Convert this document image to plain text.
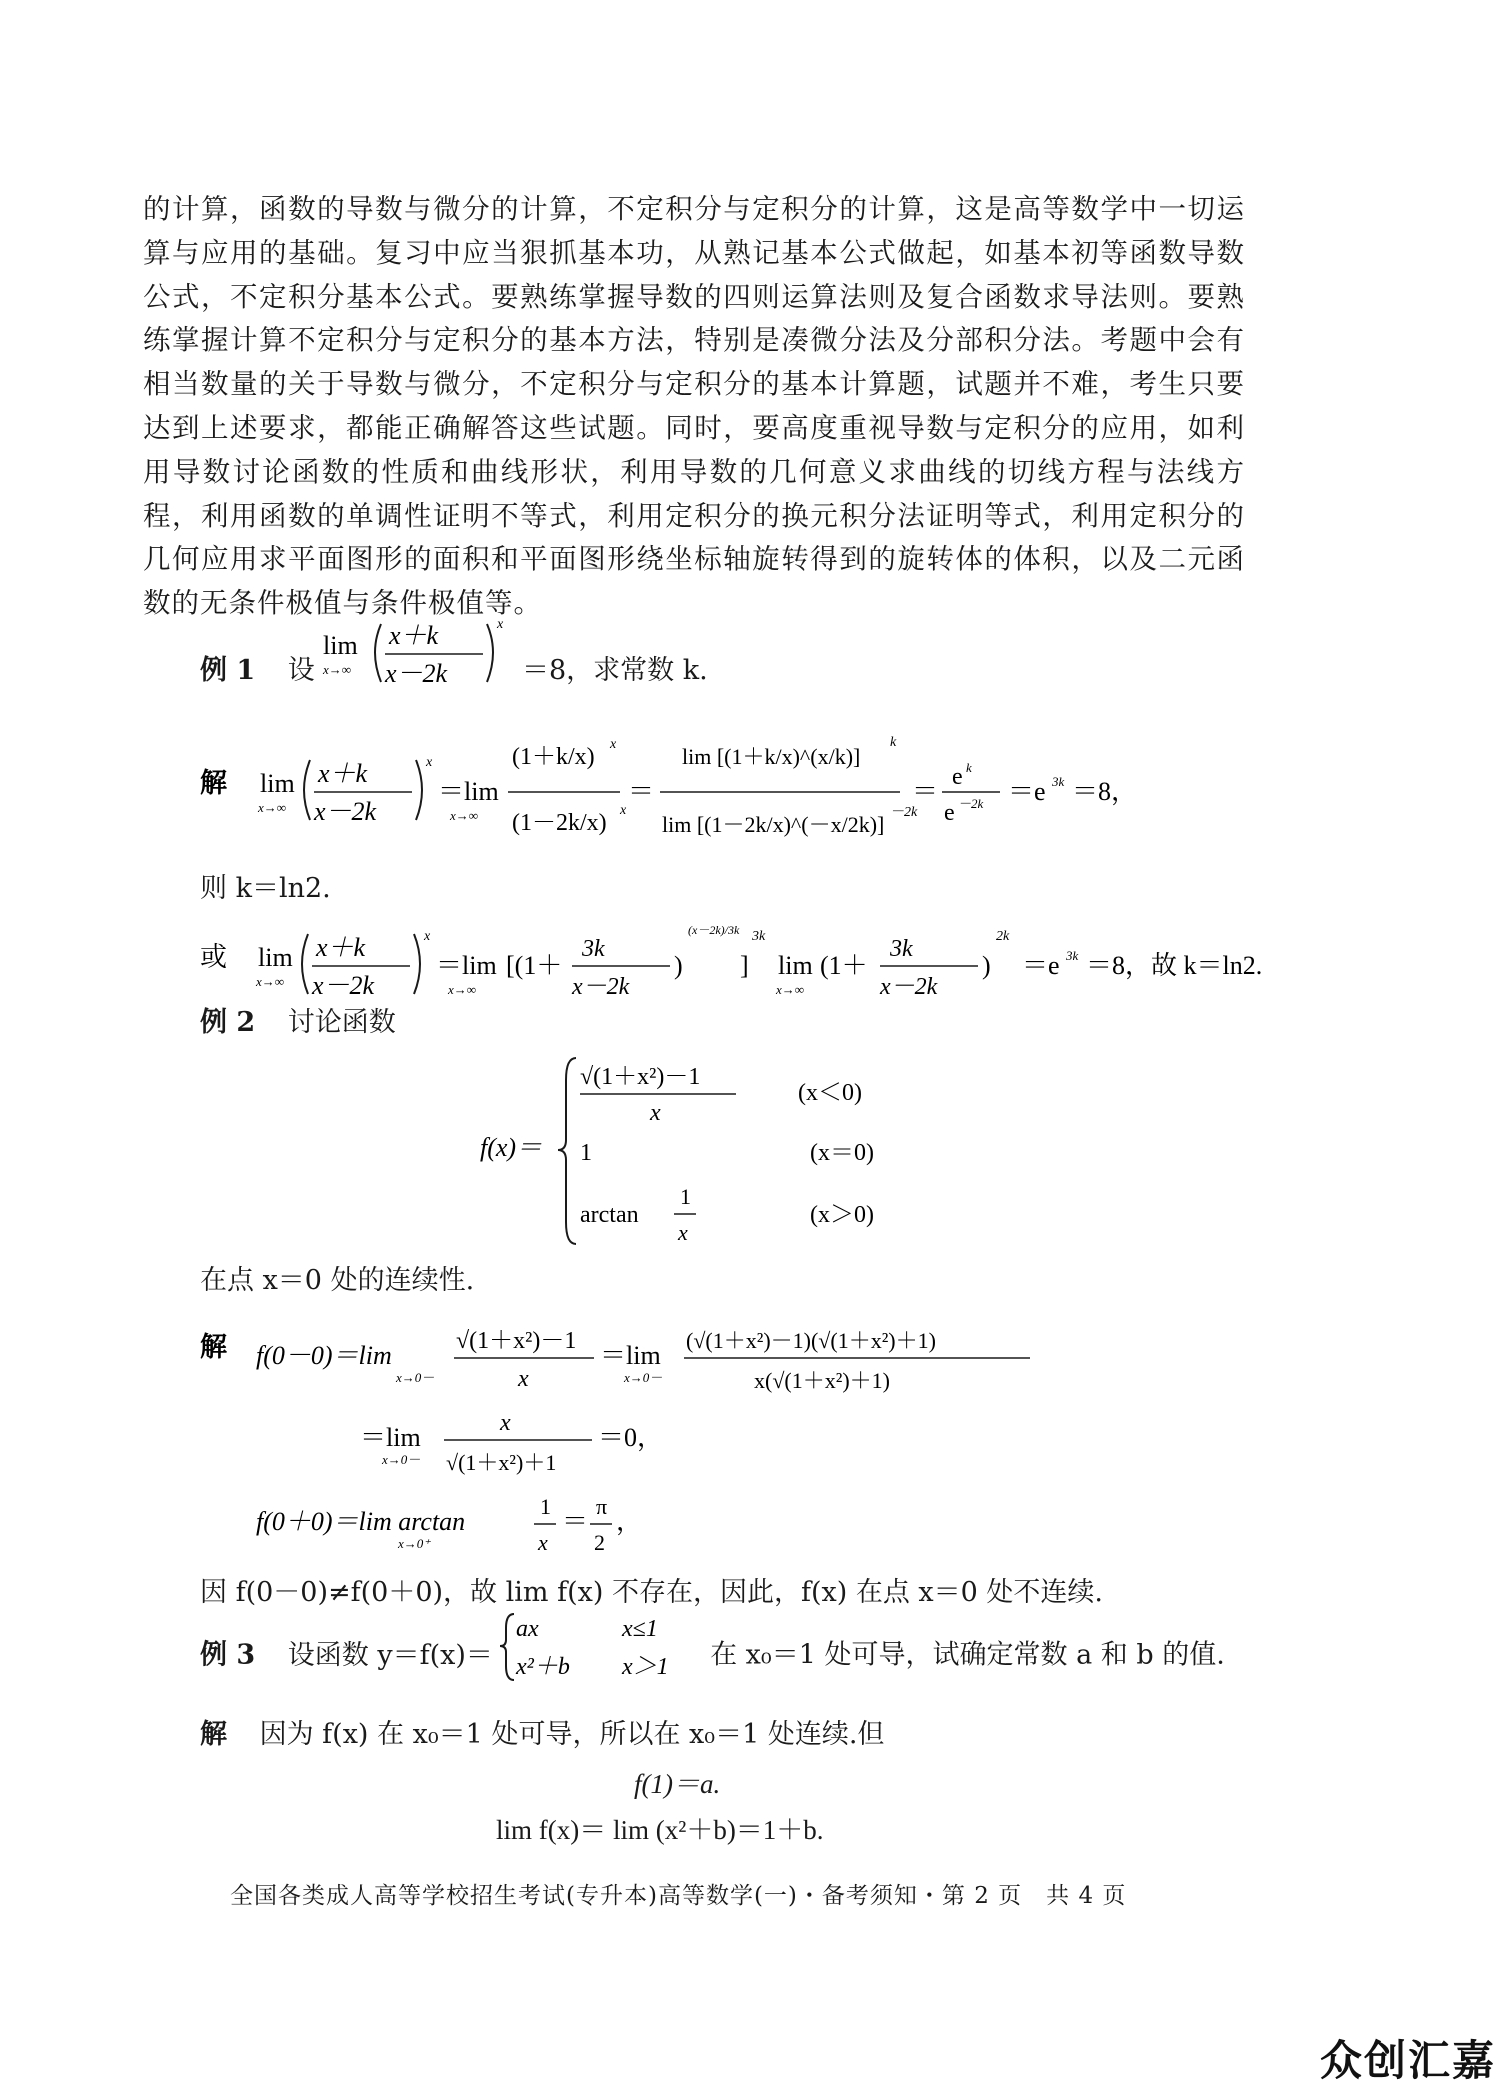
的计算，函数的导数与微分的计算，不定积分与定积分的计算，这是高等数学中一切运算与应用的基础。复习中应当狠抓基本功，从熟记基本公式做起，如基本初等函数导数公式，不定积分基本公式。要熟练掌握导数的四则运算法则及复合函数求导法则。要熟练掌握计算不定积分与定积分的基本方法，特别是凑微分法及分部积分法。考题中会有相当数量的关于导数与微分，不定积分与定积分的基本计算题，试题并不难，考生只要达到上述要求，都能正确解答这些试题。同时，要高度重视导数与定积分的应用，如利用导数讨论函数的性质和曲线形状，利用导数的几何意义求曲线的切线方程与法线方程，利用函数的单调性证明不等式，利用定积分的换元积分法证明等式，利用定积分的几何应用求平面图形的面积和平面图形绕坐标轴旋转得到的旋转体的体积，以及二元函数的无条件极值与条件极值等。
例 1 设
lim
x→∞
x＋k
x－2k
x
＝8，求常数 k.
解 lim
x→∞
x＋k
x－2k
x
＝lim
x→∞
(1＋k/x) x
(1－2k/x) x
＝
lim [(1＋k/x)^(x/k)]
k
lim [(1－2k/x)^(－x/2k)] －2k
＝ e k
e －2k ＝e 3k ＝8，
则 k＝ln2.
或 lim
x→∞
x＋k
x－2k
x
＝lim
x→∞
[(1＋
3k
x－2k
)
(x－2k)/3k
]
3k
lim
x→∞
(1＋
3k
x－2k
)
2k
＝e 3k ＝8，故 k＝ln2.
例 2 讨论函数
f(x)＝
√(1＋x²)－1
x
(x＜0)
1	(x＝0)
arctan
1
x
(x＞0)
在点 x＝0 处的连续性.
解 f(0－0)＝lim
x→0－
√(1＋x²)－1
x
＝lim
x→0－
(√(1＋x²)－1)(√(1＋x²)＋1)
x(√(1＋x²)＋1)
＝lim
x→0－
x
√(1＋x²)＋1
＝0，
f(0＋0)＝lim arctan
x→0⁺
1
x
＝
π
2
，
因 f(0－0)≠f(0＋0)，故 lim f(x) 不存在，因此，f(x) 在点 x＝0 处不连续.
例 3 设函数 y＝f(x)＝
ax	x≤1
x²＋b x＞1 在 x₀＝1 处可导，试确定常数 a 和 b 的值.
解 因为 f(x) 在 x₀＝1 处可导，所以在 x₀＝1 处连续.但
f(1)＝a.
lim f(x)＝ lim (x²＋b)＝1＋b.
全国各类成人高等学校招生考试(专升本)高等数学(一)・备考须知・第 2 页　共 4 页
众创汇嘉
